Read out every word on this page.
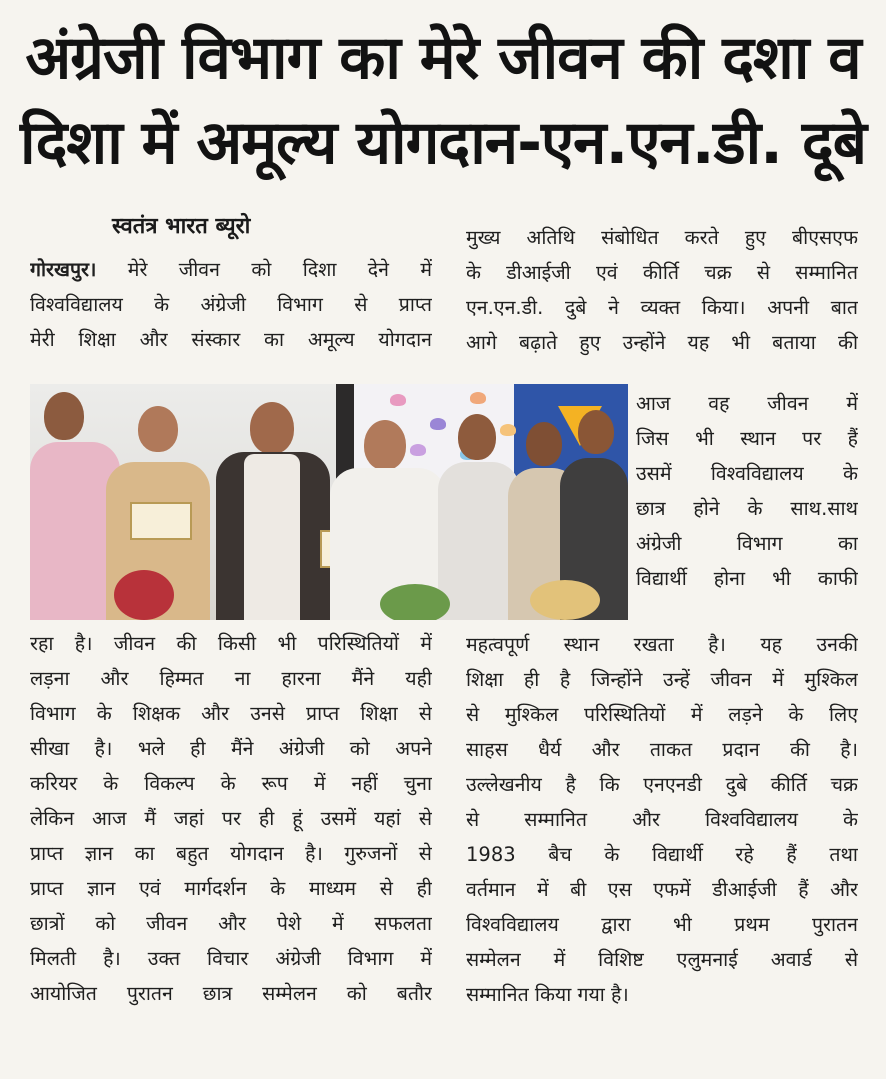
अंग्रेजी विभाग का मेरे जीवन की दशा व
दिशा में अमूल्य योगदान-एन.एन.डी. दूबे
स्वतंत्र भारत ब्यूरो

गोरखपुर। मेरे जीवन को दिशा देने में

विश्वविद्यालय के अंग्रेजी विभाग से प्राप्त

मेरी शिक्षा और संस्कार का अमूल्य योगदान

मुख्य अतिथि संबोधित करते हुए बीएसएफ

के डीआईजी एवं कीर्ति चक्र से सम्मानित

एन.एन.डी. दुबे ने व्यक्त किया। अपनी बात

आगे बढ़ाते हुए उन्होंने यह भी बताया की

आज वह जीवन में

जिस भी स्थान पर हैं

उसमें विश्वविद्यालय के

छात्र होने के साथ.साथ

अंग्रेजी विभाग का

विद्यार्थी होना भी काफी

रहा है। जीवन की किसी भी परिस्थितियों में

लड़ना और हिम्मत ना हारना मैंने यही

विभाग के शिक्षक और उनसे प्राप्त शिक्षा से

सीखा है। भले ही मैंने अंग्रेजी को अपने

करियर के विकल्प के रूप में नहीं चुना

लेकिन आज मैं जहां पर ही हूं उसमें यहां से

प्राप्त ज्ञान का बहुत योगदान है। गुरुजनों से

प्राप्त ज्ञान एवं मार्गदर्शन के माध्यम से ही

छात्रों को जीवन और पेशे में सफलता

मिलती है। उक्त विचार अंग्रेजी विभाग में

आयोजित पुरातन छात्र सम्मेलन को बतौर

महत्वपूर्ण स्थान रखता है। यह उनकी

शिक्षा ही है जिन्होंने उन्हें जीवन में मुश्किल

से मुश्किल परिस्थितियों में लड़ने के लिए

साहस धैर्य और ताकत प्रदान की है।

उल्लेखनीय है कि एनएनडी दुबे कीर्ति चक्र

से सम्मानित और विश्वविद्यालय के

1983 बैच के विद्यार्थी रहे हैं तथा

वर्तमान में बी एस एफमें डीआईजी हैं और

विश्वविद्यालय द्वारा भी प्रथम पुरातन

सम्मेलन में विशिष्ट एलुमनाई अवार्ड से

सम्मानित किया गया है।
